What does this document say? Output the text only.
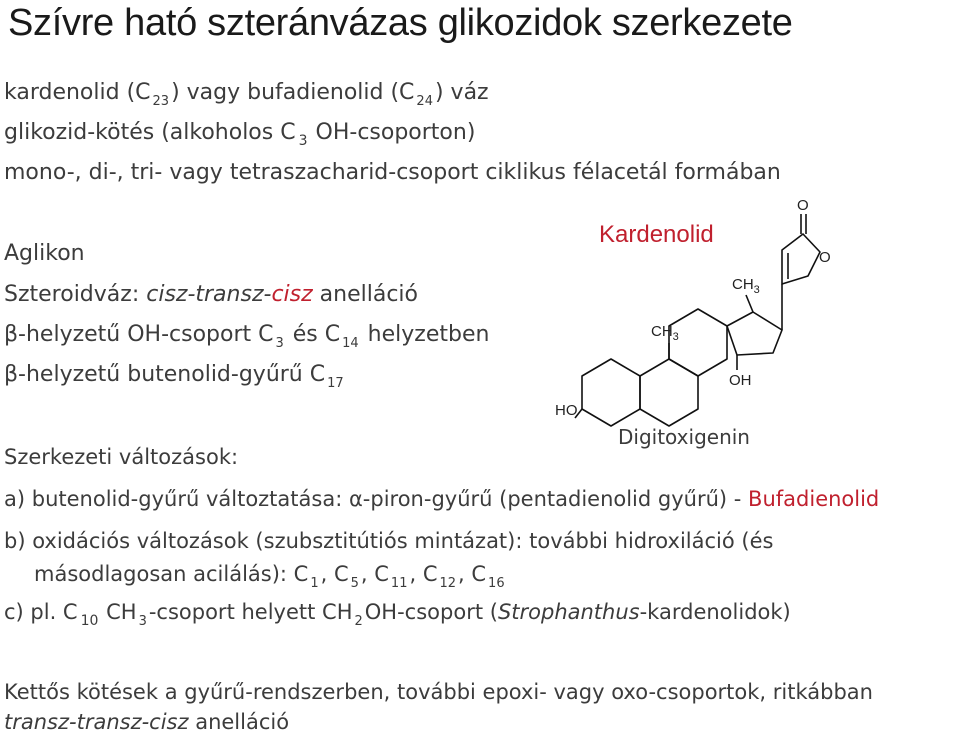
Szívre ható szteránvázas glikozidok szerkezete
kardenolid (C $_{23}$) vagy bufadienolid (C $_{24}$) váz
glikozid-kötés (alkoholos C $_3$ OH-csoporton)
mono-, di-, tri- vagy tetraszacharid-csoport ciklikus félacetál formában
Aglikon
Szteroidváz: cisz-transz-cisz anelláció
β-helyzetű OH-csoport C $_3$ és C $_{14}$ helyzetben
β-helyzetű butenolid-gyűrű C $_{17}$
Kardenolid
HO
OH
$CH_3$
$CH_3$
O
O
Digitoxigenin
Szerkezeti változások:
a) butenolid-gyűrű változtatása: α-piron-gyűrű (pentadienolid gyűrű) - Bufadienolid
b) oxidációs változások (szubsztitútiós mintázat): további hidroxiláció (és
másodlagosan acilálás): C $_1$, C $_5$, C $_{11}$, C $_{12}$, C $_{16}$
c) pl. C $_{10}$ CH $_3$-csoport helyett CH $_2$OH-csoport (Strophanthus-kardenolidok)
Kettős kötések a gyűrű-rendszerben, további epoxi- vagy oxo-csoportok, ritkábban
transz-transz-cisz anelláció
